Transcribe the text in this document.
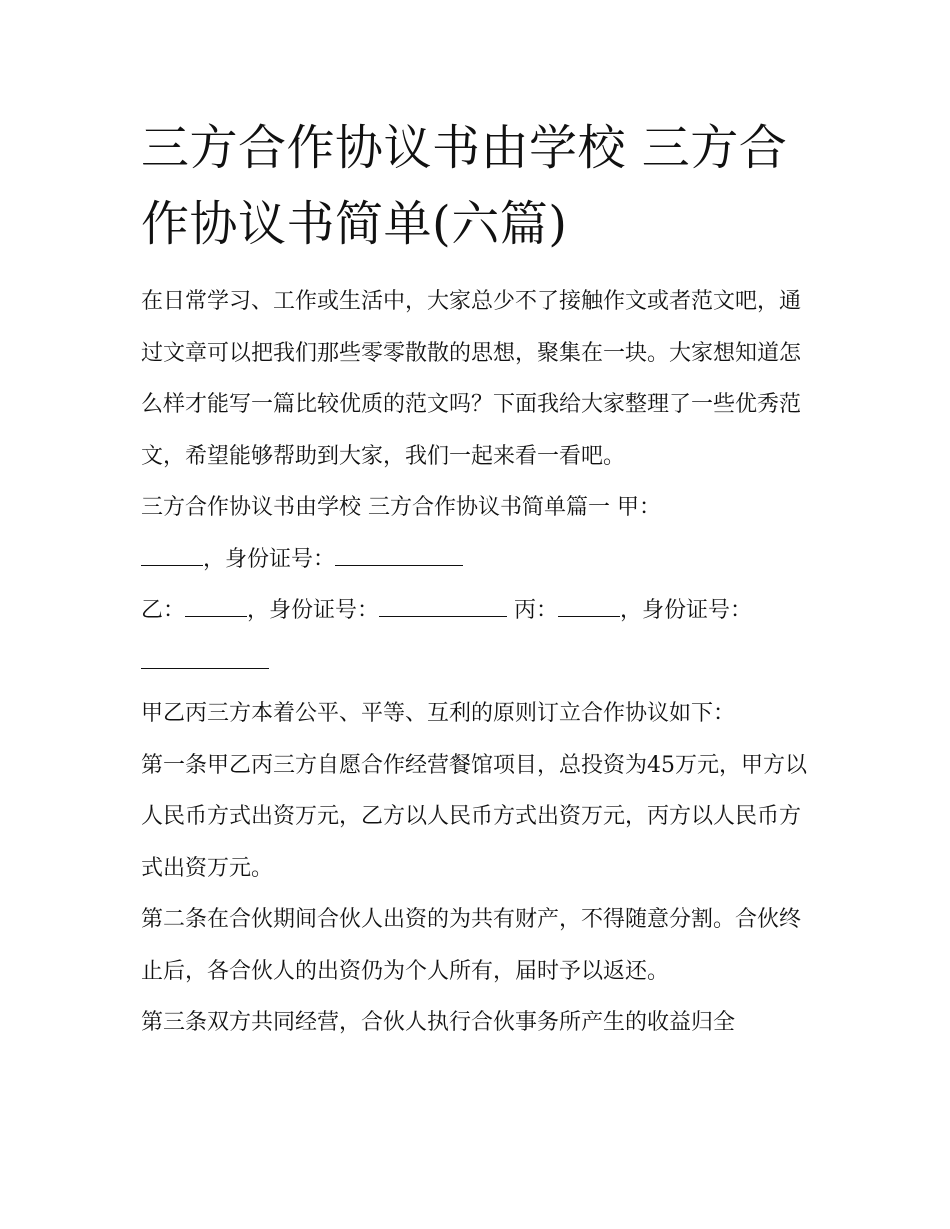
三方合作协议书由学校 三方合作协议书简单(六篇)

在日常学习、工作或生活中，大家总少不了接触作文或者范文吧，通过文章可以把我们那些零零散散的思想，聚集在一块。大家想知道怎么样才能写一篇比较优质的范文吗？下面我给大家整理了一些优秀范文，希望能够帮助到大家，我们一起来看一看吧。

三方合作协议书由学校 三方合作协议书简单篇一 甲：

，身份证号：

乙：	，身份证号：	丙：	，身份证号：

甲乙丙三方本着公平、平等、互利的原则订立合作协议如下：

第一条甲乙丙三方自愿合作经营餐馆项目，总投资为45万元，甲方以人民币方式出资万元，乙方以人民币方式出资万元，丙方以人民币方式出资万元。

第二条在合伙期间合伙人出资的为共有财产，不得随意分割。合伙终止后，各合伙人的出资仍为个人所有，届时予以返还。

第三条双方共同经营，合伙人执行合伙事务所产生的收益归全
